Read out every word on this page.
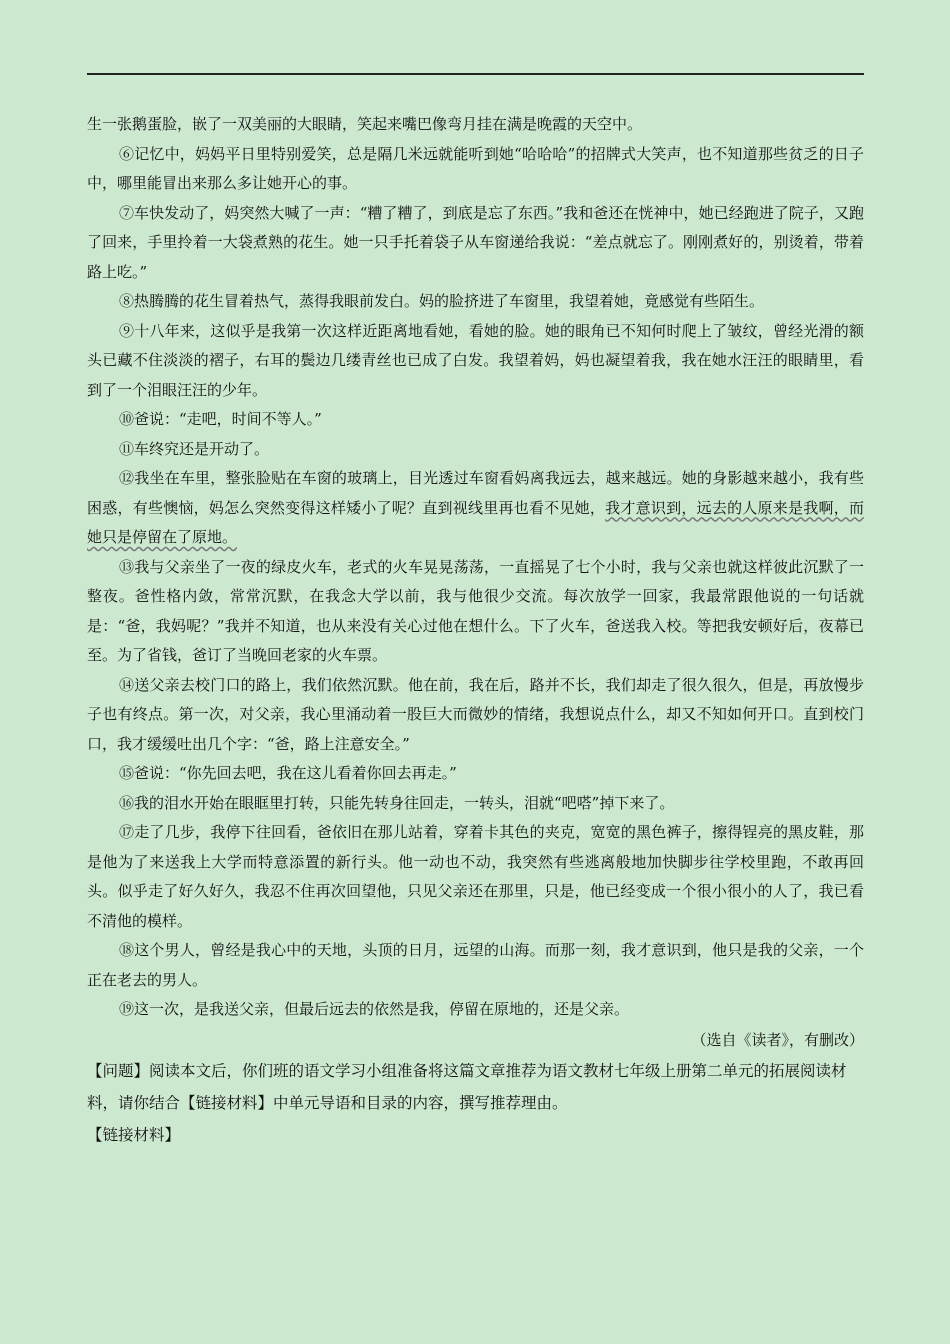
生一张鹅蛋脸，嵌了一双美丽的大眼睛，笑起来嘴巴像弯月挂在满是晚霞的天空中。

⑥记忆中，妈妈平日里特别爱笑，总是隔几米远就能听到她“哈哈哈”的招牌式大笑声，也不知道那些贫乏的日子中，哪里能冒出来那么多让她开心的事。

⑦车快发动了，妈突然大喊了一声：“糟了糟了，到底是忘了东西。”我和爸还在恍神中，她已经跑进了院子，又跑了回来，手里拎着一大袋煮熟的花生。她一只手托着袋子从车窗递给我说：“差点就忘了。刚刚煮好的，别烫着，带着路上吃。”

⑧热腾腾的花生冒着热气，蒸得我眼前发白。妈的脸挤进了车窗里，我望着她，竟感觉有些陌生。

⑨十八年来，这似乎是我第一次这样近距离地看她，看她的脸。她的眼角已不知何时爬上了皱纹，曾经光滑的额头已藏不住淡淡的褶子，右耳的鬓边几缕青丝也已成了白发。我望着妈，妈也凝望着我，我在她水汪汪的眼睛里，看到了一个泪眼汪汪的少年。

⑩爸说：“走吧，时间不等人。”

⑪车终究还是开动了。

⑫我坐在车里，整张脸贴在车窗的玻璃上，目光透过车窗看妈离我远去，越来越远。她的身影越来越小，我有些困惑，有些懊恼，妈怎么突然变得这样矮小了呢？直到视线里再也看不见她，我才意识到，远去的人原来是我啊，而她只是停留在了原地。

⑬我与父亲坐了一夜的绿皮火车，老式的火车晃晃荡荡，一直摇晃了七个小时，我与父亲也就这样彼此沉默了一整夜。爸性格内敛，常常沉默，在我念大学以前，我与他很少交流。每次放学一回家，我最常跟他说的一句话就是：“爸，我妈呢？”我并不知道，也从来没有关心过他在想什么。下了火车，爸送我入校。等把我安顿好后，夜幕已至。为了省钱，爸订了当晚回老家的火车票。

⑭送父亲去校门口的路上，我们依然沉默。他在前，我在后，路并不长，我们却走了很久很久，但是，再放慢步子也有终点。第一次，对父亲，我心里涌动着一股巨大而微妙的情绪，我想说点什么，却又不知如何开口。直到校门口，我才缓缓吐出几个字：“爸，路上注意安全。”

⑮爸说：“你先回去吧，我在这儿看着你回去再走。”

⑯我的泪水开始在眼眶里打转，只能先转身往回走，一转头，泪就“吧嗒”掉下来了。

⑰走了几步，我停下往回看，爸依旧在那儿站着，穿着卡其色的夹克，宽宽的黑色裤子，擦得锃亮的黑皮鞋，那是他为了来送我上大学而特意添置的新行头。他一动也不动，我突然有些逃离般地加快脚步往学校里跑，不敢再回头。似乎走了好久好久，我忍不住再次回望他，只见父亲还在那里，只是，他已经变成一个很小很小的人了，我已看不清他的模样。

⑱这个男人，曾经是我心中的天地，头顶的日月，远望的山海。而那一刻，我才意识到，他只是我的父亲，一个正在老去的男人。

⑲这一次，是我送父亲，但最后远去的依然是我，停留在原地的，还是父亲。

（选自《读者》，有删改）

【问题】阅读本文后，你们班的语文学习小组准备将这篇文章推荐为语文教材七年级上册第二单元的拓展阅读材料，请你结合【链接材料】中单元导语和目录的内容，撰写推荐理由。

【链接材料】
